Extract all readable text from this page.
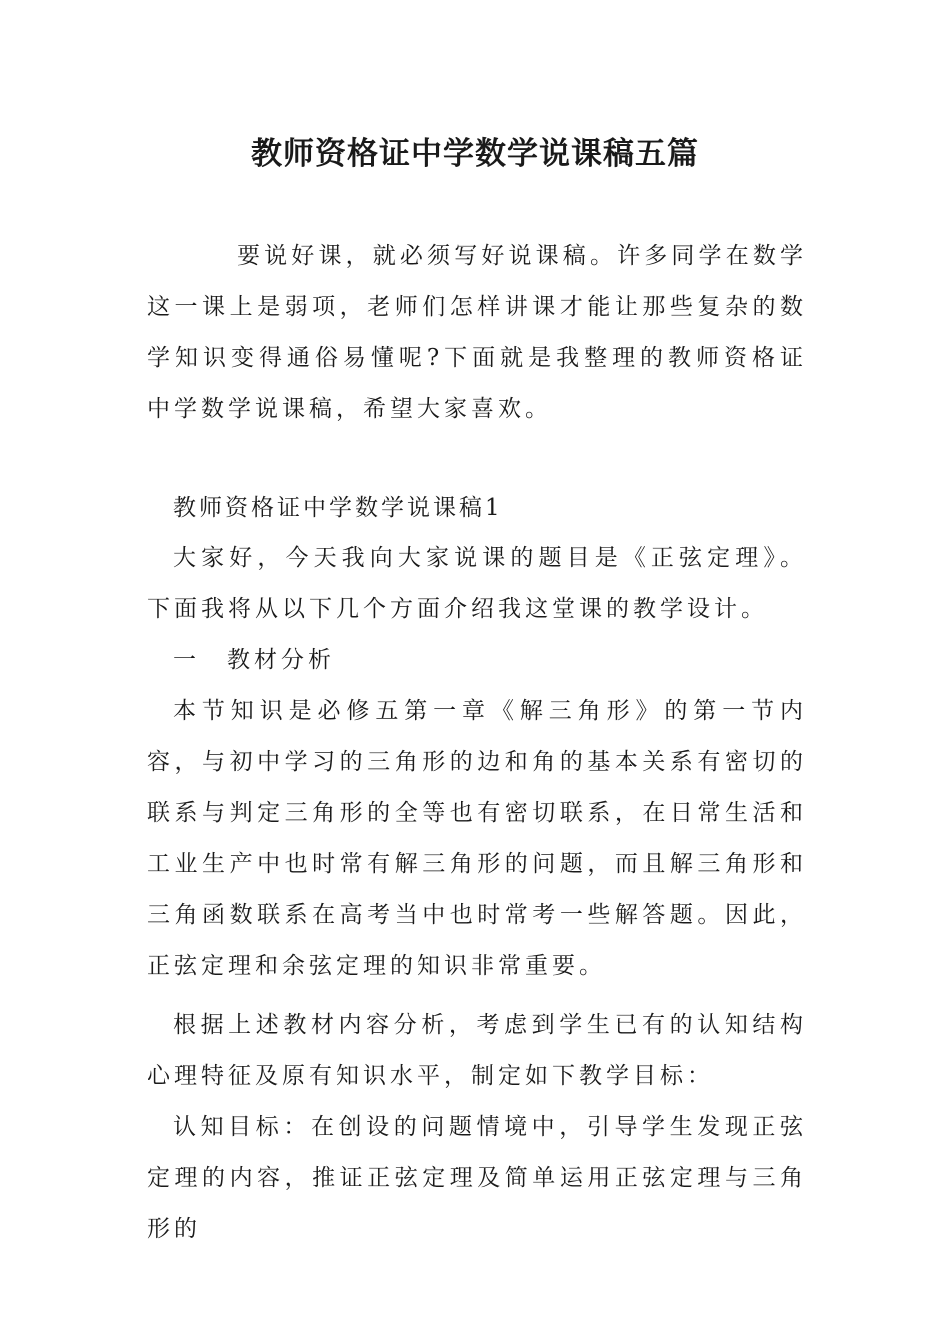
教师资格证中学数学说课稿五篇

要说好课，就必须写好说课稿。许多同学在数学这一课上是弱项，老师们怎样讲课才能让那些复杂的数学知识变得通俗易懂呢?下面就是我整理的教师资格证中学数学说课稿，希望大家喜欢。

教师资格证中学数学说课稿1

大家好，今天我向大家说课的题目是《正弦定理》。下面我将从以下几个方面介绍我这堂课的教学设计。

一　教材分析

本节知识是必修五第一章《解三角形》的第一节内容，与初中学习的三角形的边和角的基本关系有密切的联系与判定三角形的全等也有密切联系，在日常生活和工业生产中也时常有解三角形的问题，而且解三角形和三角函数联系在高考当中也时常考一些解答题。因此，正弦定理和余弦定理的知识非常重要。

根据上述教材内容分析，考虑到学生已有的认知结构心理特征及原有知识水平，制定如下教学目标：

认知目标：在创设的问题情境中，引导学生发现正弦定理的内容，推证正弦定理及简单运用正弦定理与三角形的
